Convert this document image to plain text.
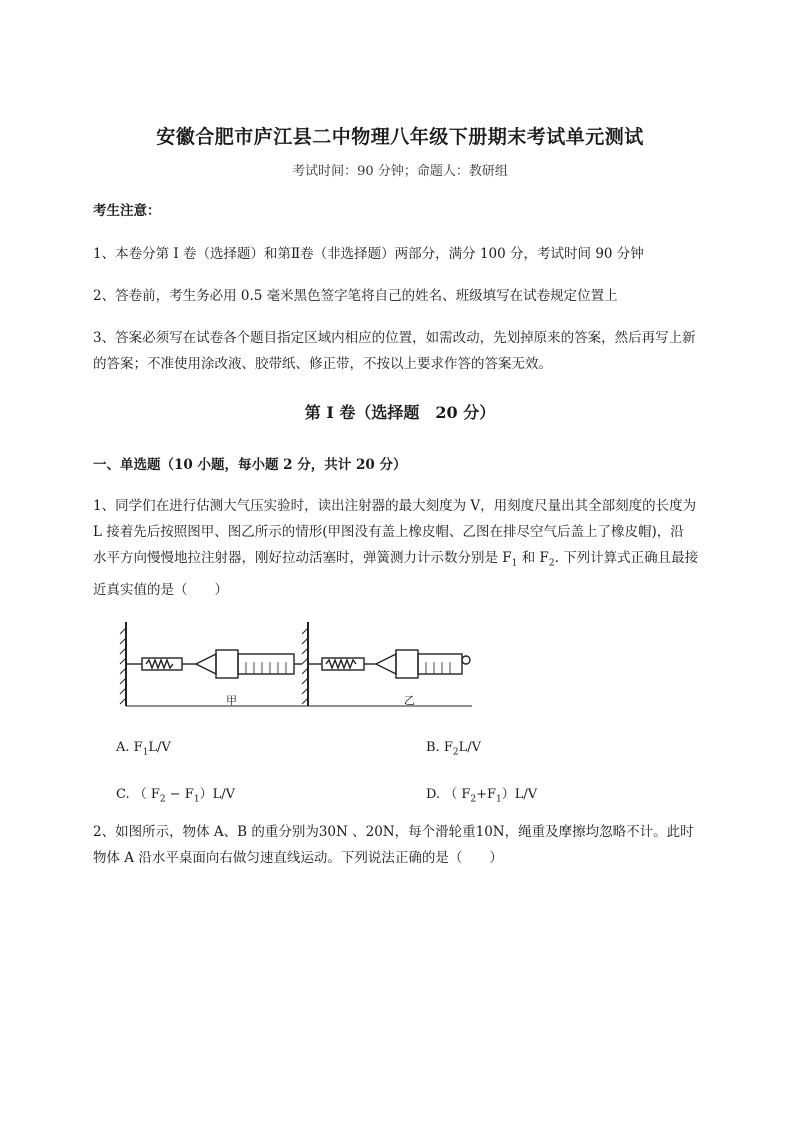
安徽合肥市庐江县二中物理八年级下册期末考试单元测试
考试时间：90 分钟；命题人：教研组
考生注意：
1、本卷分第 I 卷（选择题）和第Ⅱ卷（非选择题）两部分，满分 100 分，考试时间 90 分钟
2、答卷前，考生务必用 0.5 毫米黑色签字笔将自己的姓名、班级填写在试卷规定位置上
3、答案必须写在试卷各个题目指定区域内相应的位置，如需改动，先划掉原来的答案，然后再写上新
的答案；不准使用涂改液、胶带纸、修正带，不按以上要求作答的答案无效。
第 I 卷（选择题　20 分）
一、单选题（10 小题，每小题 2 分，共计 20 分）
1、同学们在进行估测大气压实验时，读出注射器的最大刻度为 V，用刻度尺量出其全部刻度的长度为
L 接着先后按照图甲、图乙所示的情形(甲图没有盖上橡皮帽、乙图在排尽空气后盖上了橡皮帽)，沿
水平方向慢慢地拉注射器，刚好拉动活塞时，弹簧测力计示数分别是 $F_1$ 和 $F_2$. 下列计算式正确且最接
近真实值的是（　　）
甲	乙
A. $F_1L/V$	B. $F_2L/V$
C. （ $F_2 - F_1)L/V$	D. （ $F_2+F_1)L/V$
2、如图所示，物体 A、B 的重分别为30N 、20N，每个滑轮重10N，绳重及摩擦均忽略不计。此时
物体 A 沿水平桌面向右做匀速直线运动。下列说法正确的是（　　）
